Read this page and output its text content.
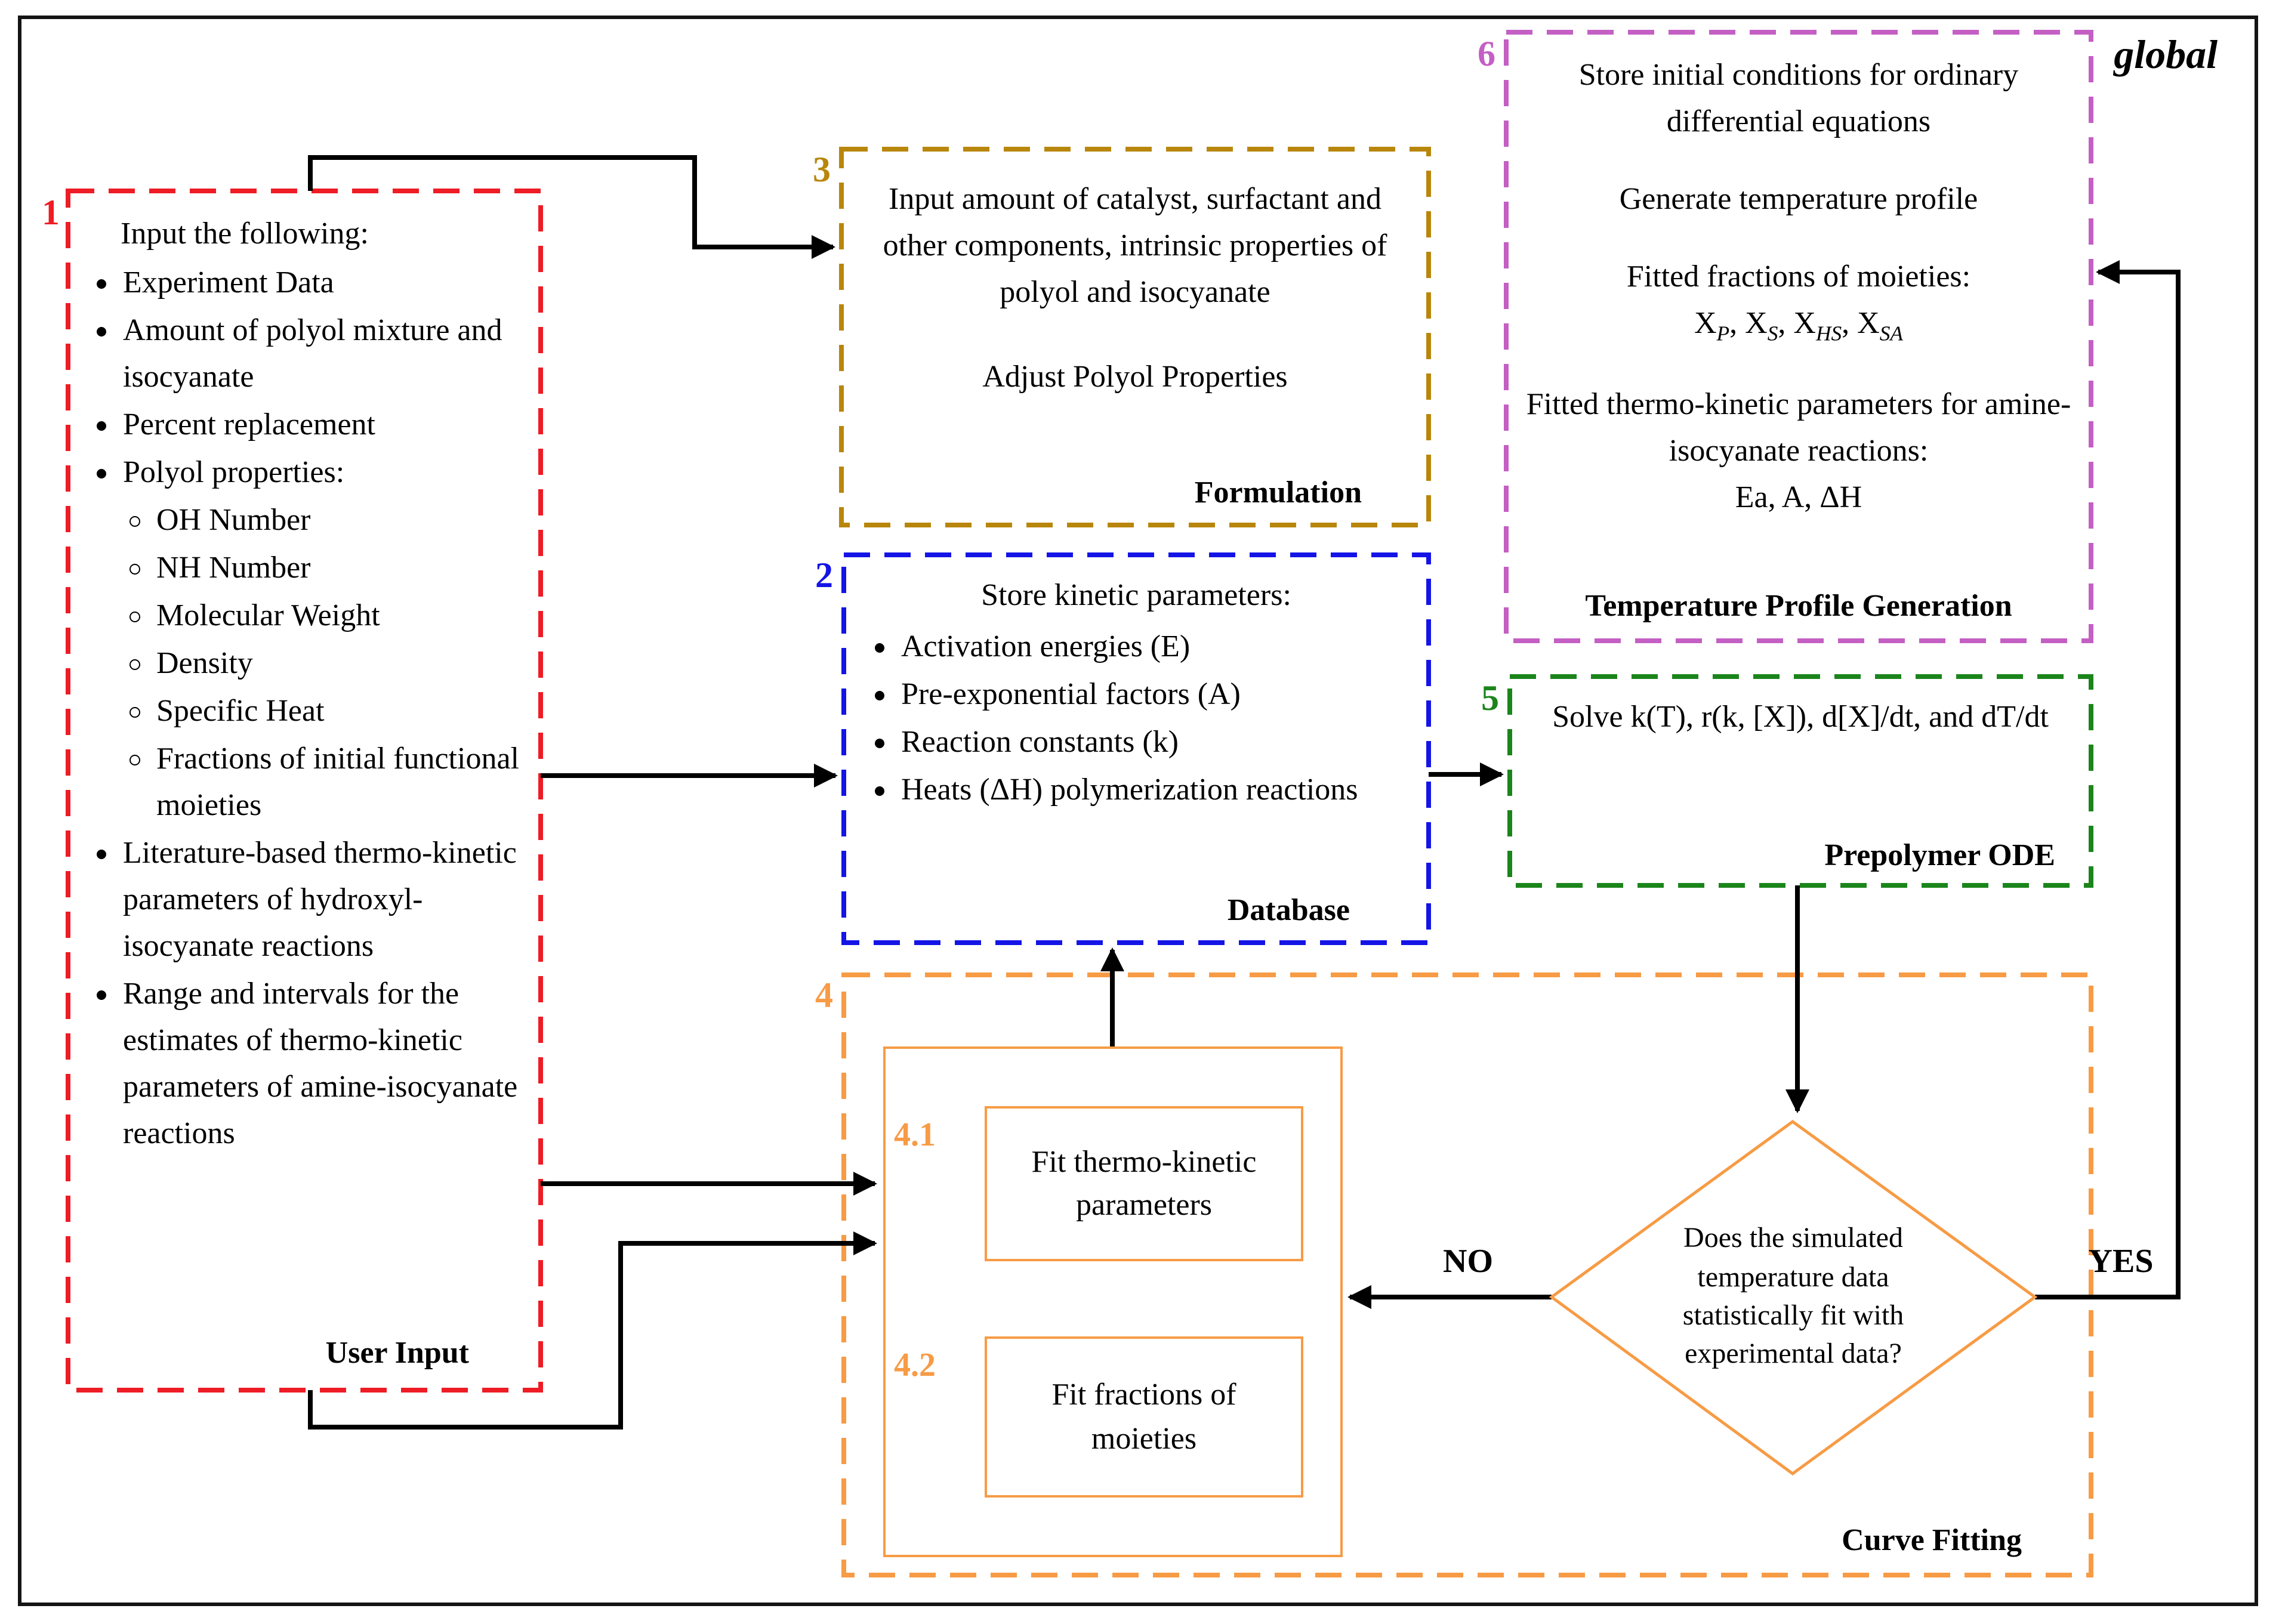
global
1
3
2
6
5
4
Input the following:
• Experiment Data
• Amount of polyol mixture and isocyanate
• Percent replacement
• Polyol properties:
◦ OH Number
◦ NH Number
◦ Molecular Weight
◦ Density
◦ Specific Heat
◦ Fractions of initial functional moieties
• Literature-based thermo-kinetic parameters of hydroxyl-isocyanate reactions
• Range and intervals for the estimates of thermo-kinetic parameters of amine-isocyanate reactions
User Input

Input amount of catalyst, surfactant and other components, intrinsic properties of polyol and isocyanate

Adjust Polyol Properties

Formulation
Store kinetic parameters:
• Activation energies (E)
• Pre-exponential factors (A)
• Reaction constants (k)
• Heats (ΔH) polymerization reactions
Database

Store initial conditions for ordinary differential equations

Generate temperature profile

Fitted fractions of moieties:

$X_P$, $X_S$, $X_{HS}$, $X_{SA}$

Fitted thermo-kinetic parameters for amine-isocyanate reactions:

Ea, A, ΔH

Temperature Profile Generation

Solve k(T), r(k, [X]), d[X]/dt, and dT/dt

Prepolymer ODE
Curve Fitting
4.1
Fit thermo-kinetic parameters
4.2
Fit fractions of moieties
Does the simulated temperature data statistically fit with experimental data?
NO	YES
